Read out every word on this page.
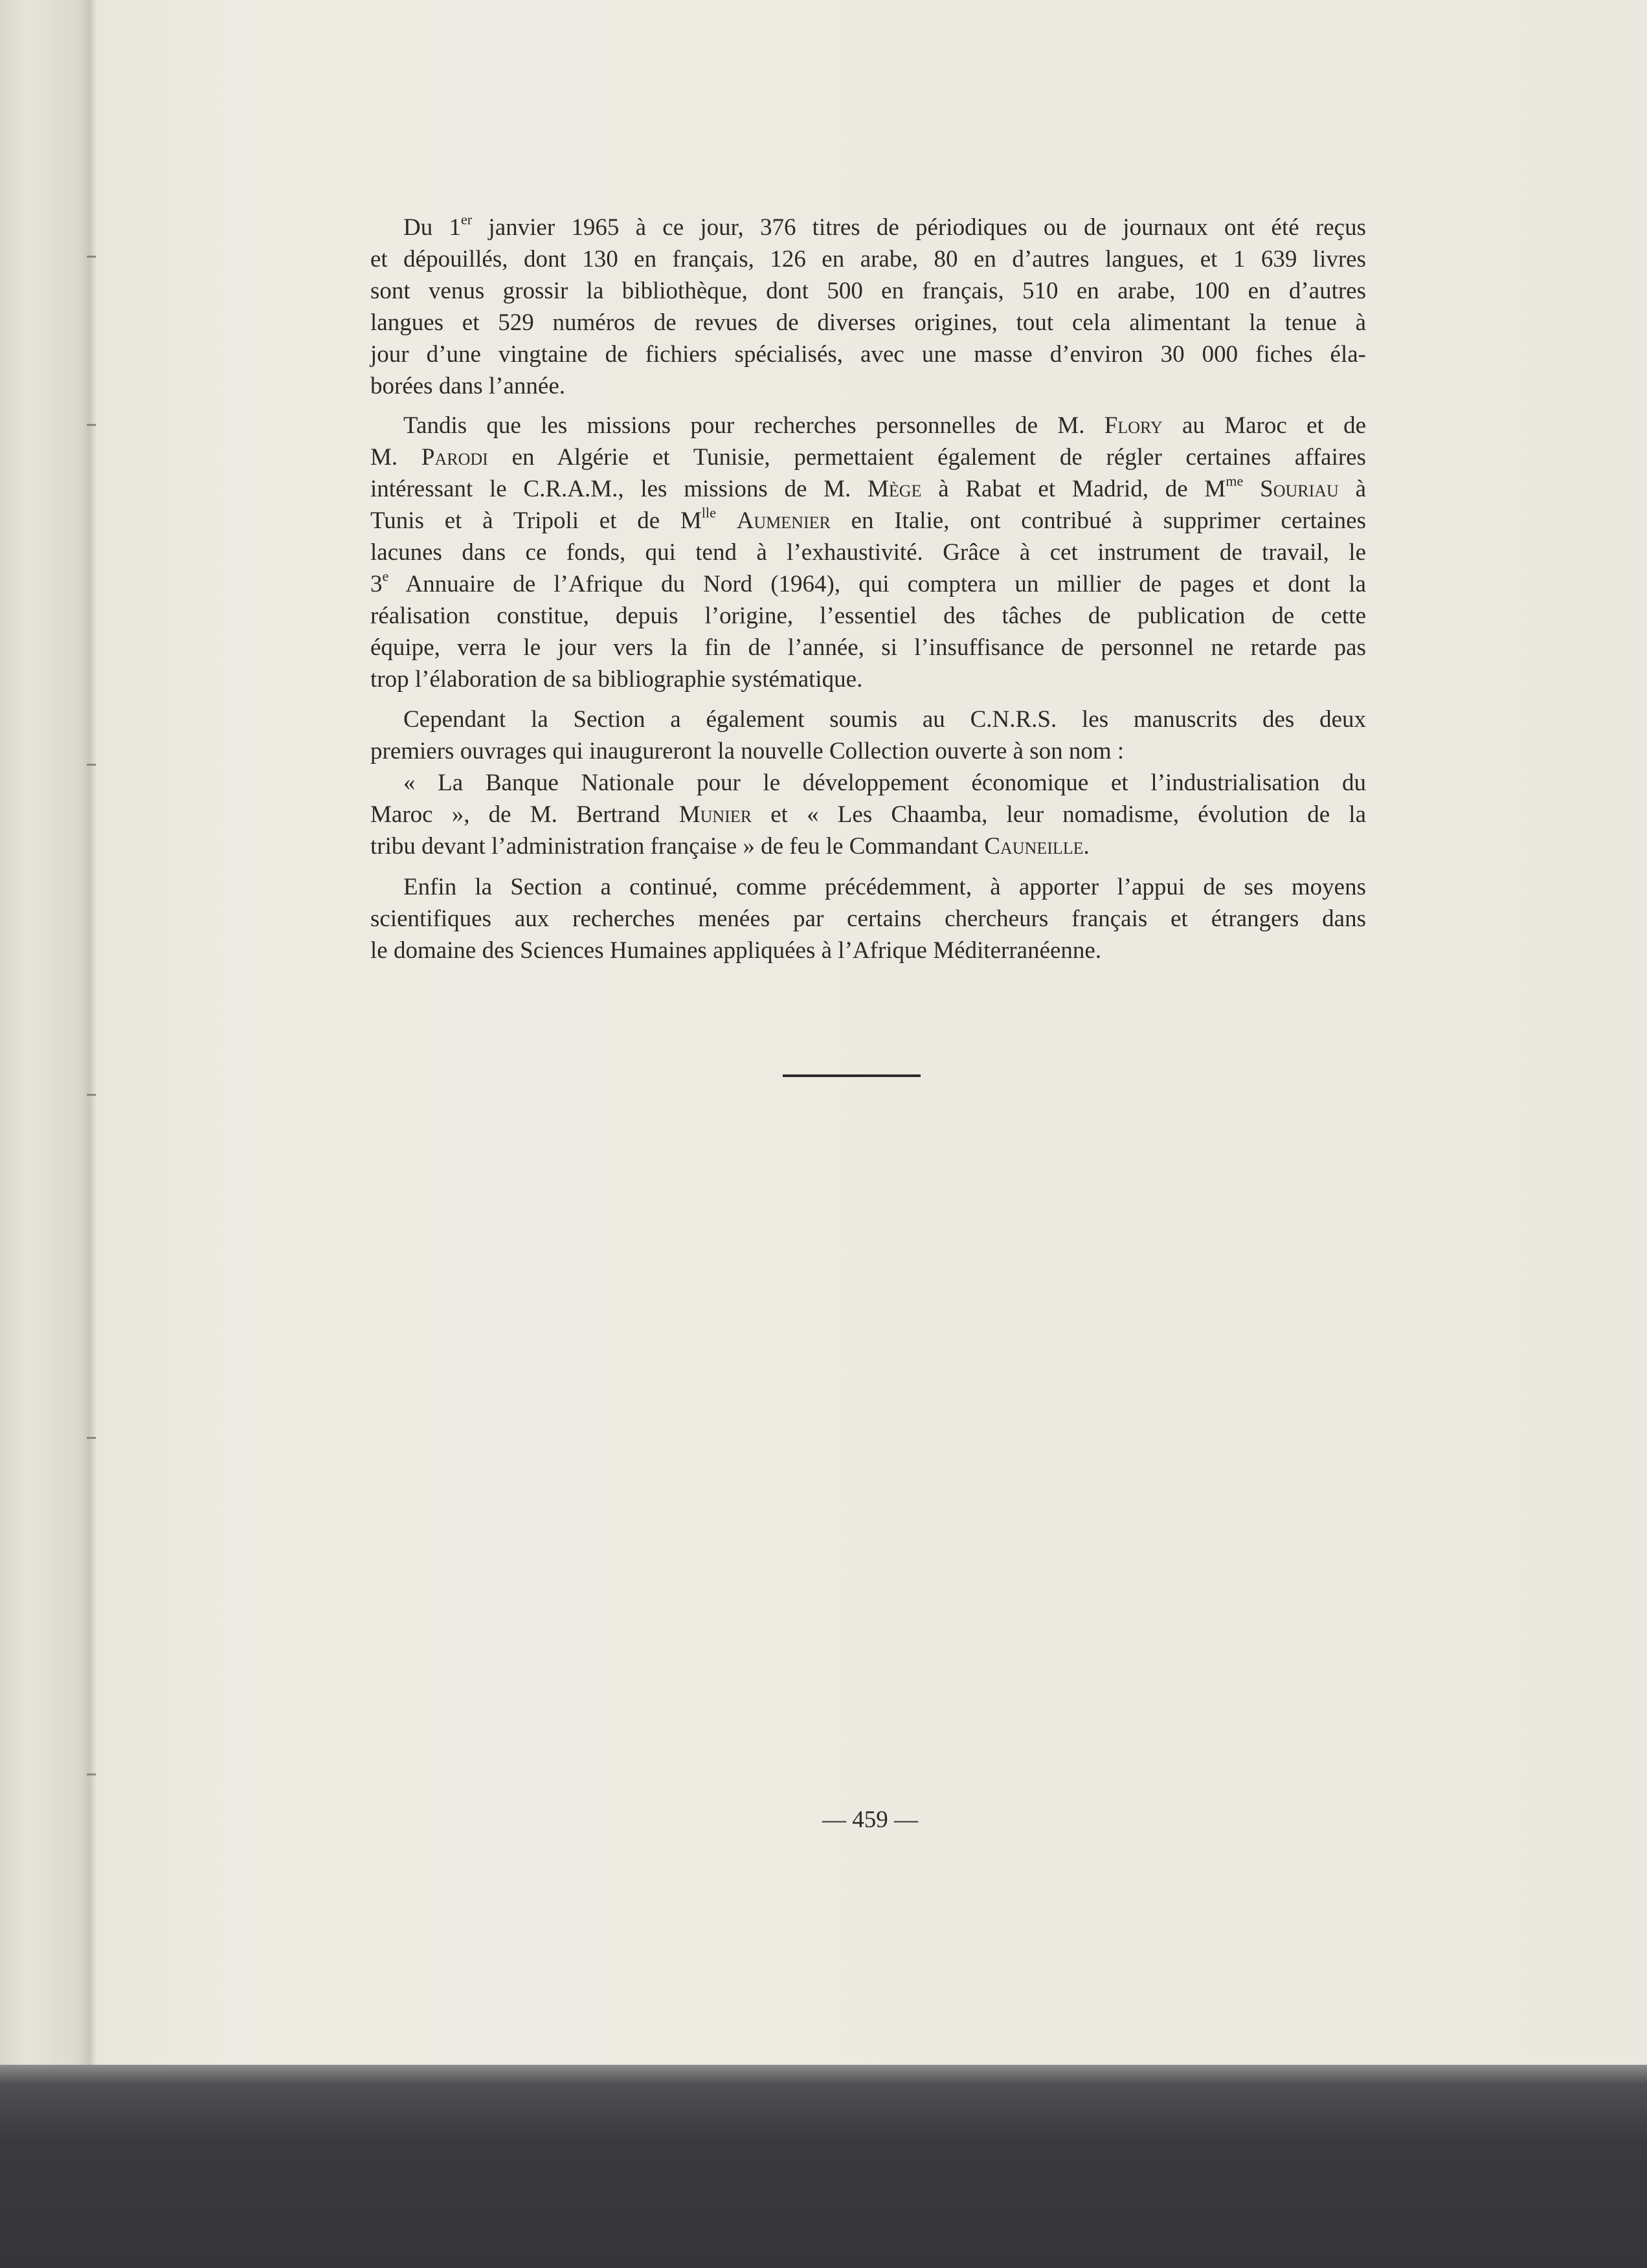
Du 1er janvier 1965 à ce jour, 376 titres de périodiques ou de journaux ont été reçus
et dépouillés, dont 130 en français, 126 en arabe, 80 en d’autres langues, et 1 639 livres
sont venus grossir la bibliothèque, dont 500 en français, 510 en arabe, 100 en d’autres
langues et 529 numéros de revues de diverses origines, tout cela alimentant la tenue à
jour d’une vingtaine de fichiers spécialisés, avec une masse d’environ 30 000 fiches éla-
borées dans l’année.
Tandis que les missions pour recherches personnelles de M. Flory au Maroc et de
M. Parodi en Algérie et Tunisie, permettaient également de régler certaines affaires
intéressant le C.R.A.M., les missions de M. Mège à Rabat et Madrid, de $M^{me}$ Souriau à
Tunis et à Tripoli et de $M^{lle}$ Aumenier en Italie, ont contribué à supprimer certaines
lacunes dans ce fonds, qui tend à l’exhaustivité. Grâce à cet instrument de travail, le
3e Annuaire de l’Afrique du Nord (1964), qui comptera un millier de pages et dont la
réalisation constitue, depuis l’origine, l’essentiel des tâches de publication de cette
équipe, verra le jour vers la fin de l’année, si l’insuffisance de personnel ne retarde pas
trop l’élaboration de sa bibliographie systématique.
Cependant la Section a également soumis au C.N.R.S. les manuscrits des deux
premiers ouvrages qui inaugureront la nouvelle Collection ouverte à son nom :
« La Banque Nationale pour le développement économique et l’industrialisation du
Maroc », de M. Bertrand Munier et « Les Chaamba, leur nomadisme, évolution de la
tribu devant l’administration française » de feu le Commandant Cauneille.
Enfin la Section a continué, comme précédemment, à apporter l’appui de ses moyens
scientifiques aux recherches menées par certains chercheurs français et étrangers dans
le domaine des Sciences Humaines appliquées à l’Afrique Méditerranéenne.
— 459 —
